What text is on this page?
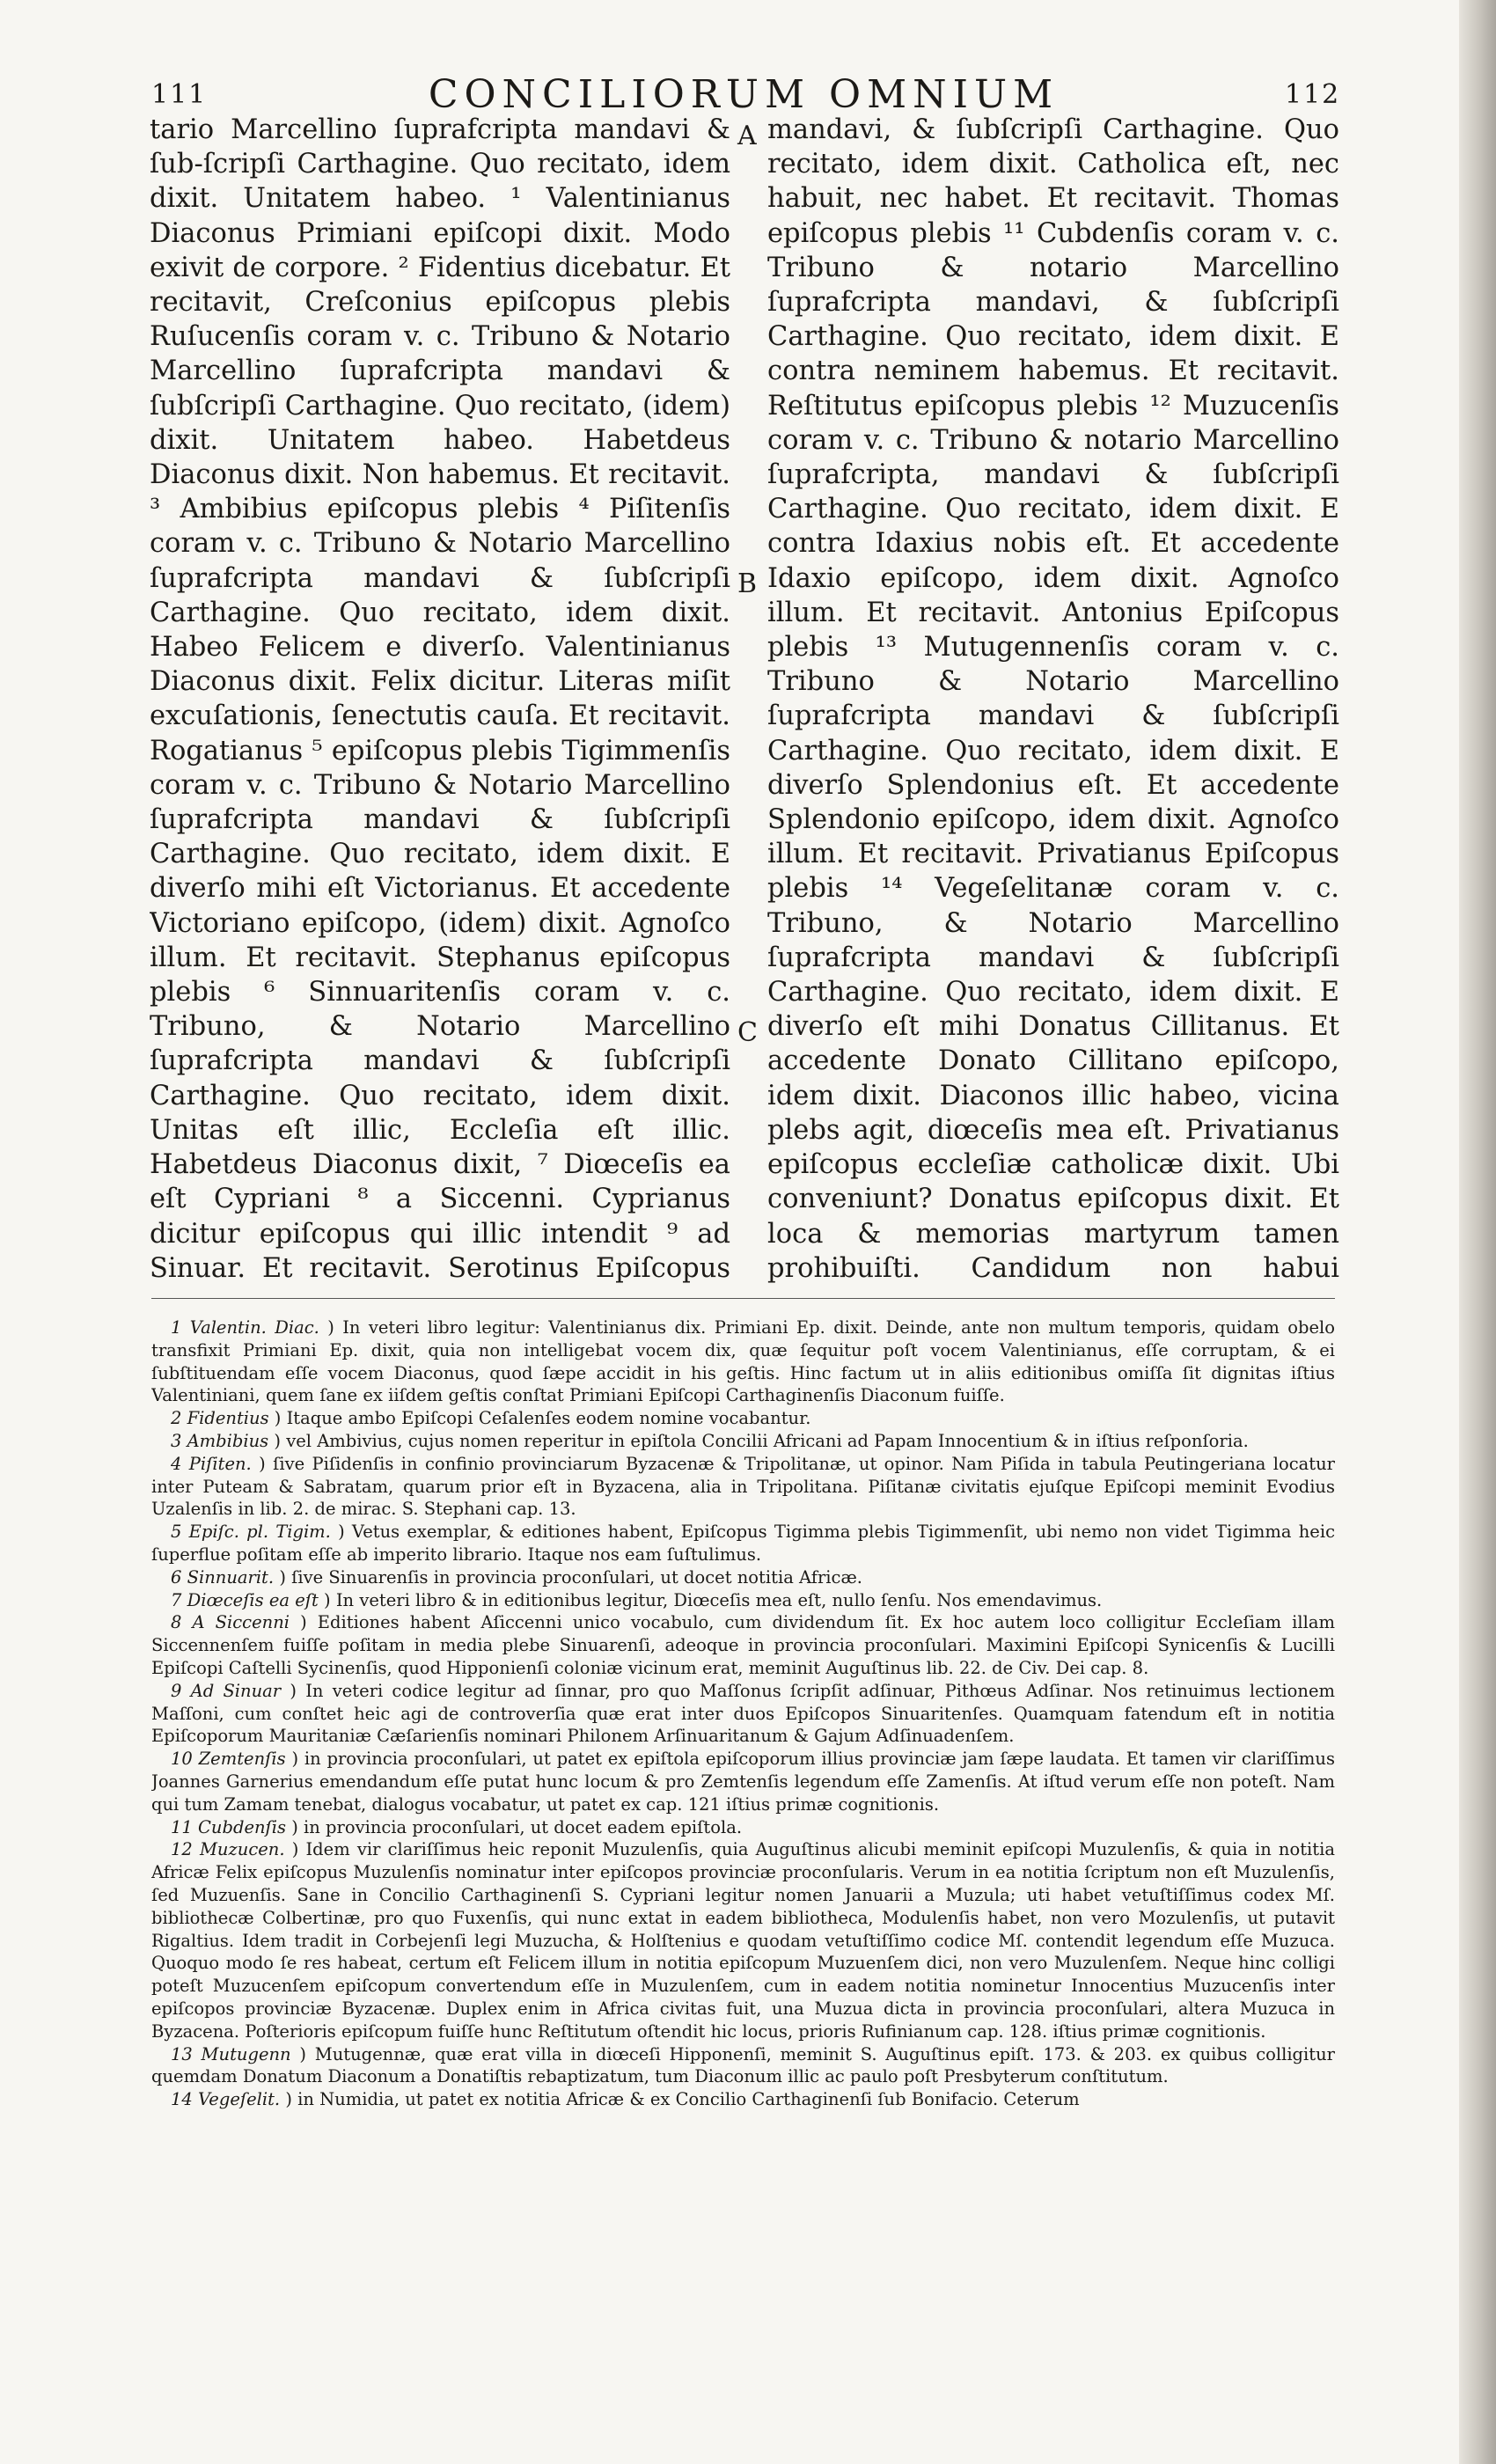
111	CONCILIORUM OMNIUM	112

tario Marcellino ſuprafcripta mandavi & ſub-ſcripſi Carthagine. Quo recitato, idem dixit. Unitatem habeo. ¹ Valentinianus Diaconus Primiani epiſcopi dixit. Modo exivit de corpore. ² Fidentius dicebatur. Et recitavit, Creſconius epiſcopus plebis Ruſucenſis coram v. c. Tribuno & Notario Marcellino ſuprafcripta mandavi & ſubſcripſi Carthagine. Quo recitato, (idem) dixit. Unitatem habeo. Habetdeus Diaconus dixit. Non habemus. Et recitavit. ³ Ambibius epiſcopus plebis ⁴ Piſitenſis coram v. c. Tribuno & Notario Marcellino ſuprafcripta mandavi & ſubſcripſi Carthagine. Quo recitato, idem dixit. Habeo Felicem e diverſo. Valentinianus Diaconus dixit. Felix dicitur. Literas miſit excuſationis, ſenectutis cauſa. Et recitavit. Rogatianus ⁵ epiſcopus plebis Tigimmenſis coram v. c. Tribuno & Notario Marcellino ſuprafcripta mandavi & ſubſcripſi Carthagine. Quo recitato, idem dixit. E diverſo mihi eſt Victorianus. Et accedente Victoriano epiſcopo, (idem) dixit. Agnoſco illum. Et recitavit. Stephanus epiſcopus plebis ⁶ Sinnuaritenſis coram v. c. Tribuno, & Notario Marcellino ſuprafcripta mandavi & ſubſcripſi Carthagine. Quo recitato, idem dixit. Unitas eſt illic, Eccleſia eſt illic. Habetdeus Diaconus dixit, ⁷ Diœceſis ea eſt Cypriani ⁸ a Siccenni. Cyprianus dicitur epiſcopus qui illic intendit ⁹ ad Sinuar. Et recitavit. Serotinus Epiſcopus

A
B
C

mandavi, & ſubſcripſi Carthagine. Quo recitato, idem dixit. Catholica eſt, nec habuit, nec habet. Et recitavit. Thomas epiſcopus plebis ¹¹ Cubdenſis coram v. c. Tribuno & notario Marcellino ſuprafcripta mandavi, & ſubſcripſi Carthagine. Quo recitato, idem dixit. E contra neminem habemus. Et recitavit. Reſtitutus epiſcopus plebis ¹² Muzucenſis coram v. c. Tribuno & notario Marcellino ſuprafcripta, mandavi & ſubſcripſi Carthagine. Quo recitato, idem dixit. E contra Idaxius nobis eſt. Et accedente Idaxio epiſcopo, idem dixit. Agnoſco illum. Et recitavit. Antonius Epiſcopus plebis ¹³ Mutugennenſis coram v. c. Tribuno & Notario Marcellino ſuprafcripta mandavi & ſubſcripſi Carthagine. Quo recitato, idem dixit. E diverſo Splendonius eſt. Et accedente Splendonio epiſcopo, idem dixit. Agnoſco illum. Et recitavit. Privatianus Epiſcopus plebis ¹⁴ Vegeſelitanæ coram v. c. Tribuno, & Notario Marcellino ſuprafcripta mandavi & ſubſcripſi Carthagine. Quo recitato, idem dixit. E diverſo eſt mihi Donatus Cillitanus. Et accedente Donato Cillitano epiſcopo, idem dixit. Diaconos illic habeo, vicina plebs agit, diœceſis mea eſt. Privatianus epiſcopus eccleſiæ catholicæ dixit. Ubi conveniunt? Donatus epiſcopus dixit. Et loca & memorias martyrum tamen prohibuiſti. Candidum non habui

1 Valentin. Diac. ) In veteri libro legitur: Valentinianus dix. Primiani Ep. dixit. Deinde, ante non multum temporis, quidam obelo transfixit Primiani Ep. dixit, quia non intelligebat vocem dix, quæ ſequitur poſt vocem Valentinianus, eſſe corruptam, & ei ſubſtituendam eſſe vocem Diaconus, quod ſæpe accidit in his geſtis. Hinc factum ut in aliis editionibus omiſſa ſit dignitas iſtius Valentiniani, quem ſane ex iiſdem geſtis conſtat Primiani Epiſcopi Carthaginenſis Diaconum fuiſſe.

2 Fidentius ) Itaque ambo Epiſcopi Ceſalenſes eodem nomine vocabantur.

3 Ambibius ) vel Ambivius, cujus nomen reperitur in epiſtola Concilii Africani ad Papam Innocentium & in iſtius reſponſoria.

4 Piſiten. ) ſive Piſidenſis in confinio provinciarum Byzacenæ & Tripolitanæ, ut opinor. Nam Piſida in tabula Peutingeriana locatur inter Puteam & Sabratam, quarum prior eſt in Byzacena, alia in Tripolitana. Piſitanæ civitatis ejuſque Epiſcopi meminit Evodius Uzalenſis in lib. 2. de mirac. S. Stephani cap. 13.

5 Epiſc. pl. Tigim. ) Vetus exemplar, & editiones habent, Epiſcopus Tigimma plebis Tigimmenſit, ubi nemo non videt Tigimma heic ſuperflue poſitam eſſe ab imperito librario. Itaque nos eam ſuſtulimus.

6 Sinnuarit. ) ſive Sinuarenſis in provincia proconſulari, ut docet notitia Africæ.

7 Diœceſis ea eſt ) In veteri libro & in editionibus legitur, Diœceſis mea eſt, nullo ſenſu. Nos emendavimus.

8 A Siccenni ) Editiones habent Aſiccenni unico vocabulo, cum dividendum ſit. Ex hoc autem loco colligitur Eccleſiam illam Siccennenſem fuiſſe poſitam in media plebe Sinuarenſi, adeoque in provincia proconſulari. Maximini Epiſcopi Synicenſis & Lucilli Epiſcopi Caſtelli Sycinenſis, quod Hipponienſi coloniæ vicinum erat, meminit Auguſtinus lib. 22. de Civ. Dei cap. 8.

9 Ad Sinuar ) In veteri codice legitur ad ſinnar, pro quo Maſſonus ſcripſit adſinuar, Pithœus Adſinar. Nos retinuimus lectionem Maſſoni, cum conſtet heic agi de controverſia quæ erat inter duos Epiſcopos Sinuaritenſes. Quamquam fatendum eſt in notitia Epiſcoporum Mauritaniæ Cæſarienſis nominari Philonem Arſinuaritanum & Gajum Adſinuadenſem.

10 Zemtenſis ) in provincia proconſulari, ut patet ex epiſtola epiſcoporum illius provinciæ jam ſæpe laudata. Et tamen vir clariſſimus Joannes Garnerius emendandum eſſe putat hunc locum & pro Zemtenſis legendum eſſe Zamenſis. At iſtud verum eſſe non poteſt. Nam qui tum Zamam tenebat, dialogus vocabatur, ut patet ex cap. 121 iſtius primæ cognitionis.

11 Cubdenſis ) in provincia proconſulari, ut docet eadem epiſtola.

12 Muzucen. ) Idem vir clariſſimus heic reponit Muzulenſis, quia Auguſtinus alicubi meminit epiſcopi Muzulenſis, & quia in notitia Africæ Felix epiſcopus Muzulenſis nominatur inter epiſcopos provinciæ proconſularis. Verum in ea notitia ſcriptum non eſt Muzulenſis, ſed Muzuenſis. Sane in Concilio Carthaginenſi S. Cypriani legitur nomen Januarii a Muzula; uti habet vetuſtiſſimus codex Mſ. bibliothecæ Colbertinæ, pro quo Fuxenſis, qui nunc extat in eadem bibliotheca, Modulenſis habet, non vero Mozulenſis, ut putavit Rigaltius. Idem tradit in Corbejenſi legi Muzucha, & Holſtenius e quodam vetuſtiſſimo codice Mſ. contendit legendum eſſe Muzuca. Quoquo modo ſe res habeat, certum eſt Felicem illum in notitia epiſcopum Muzuenſem dici, non vero Muzulenſem. Neque hinc colligi poteſt Muzucenſem epiſcopum convertendum eſſe in Muzulenſem, cum in eadem notitia nominetur Innocentius Muzucenſis inter epiſcopos provinciæ Byzacenæ. Duplex enim in Africa civitas fuit, una Muzua dicta in provincia proconſulari, altera Muzuca in Byzacena. Poſterioris epiſcopum fuiſſe hunc Reſtitutum oſtendit hic locus, prioris Rufinianum cap. 128. iſtius primæ cognitionis.

13 Mutugenn ) Mutugennæ, quæ erat villa in diœceſi Hipponenſi, meminit S. Auguſtinus epiſt. 173. & 203. ex quibus colligitur quemdam Donatum Diaconum a Donatiſtis rebaptizatum, tum Diaconum illic ac paulo poſt Presbyterum conſtitutum.

14 Vegeſelit. ) in Numidia, ut patet ex notitia Africæ & ex Concilio Carthaginenſi ſub Bonifacio. Ceterum
